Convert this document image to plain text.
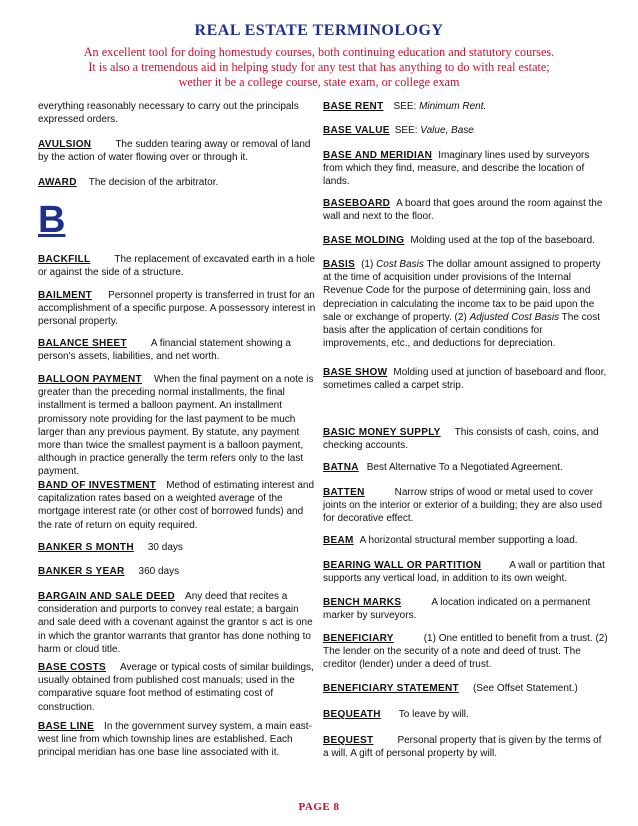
REAL ESTATE TERMINOLOGY
An excellent tool for doing homestudy courses, both continuing education and statutory courses.
It is also a tremendous aid in helping study for any test that has anything to do with real estate;
wether it be a college course, state exam, or college exam
everything reasonably necessary to carry out the principals expressed orders.
AVULSION The sudden tearing away or removal of land by the action of water flowing over or through it.
AWARD The decision of the arbitrator.
B
BACKFILL The replacement of excavated earth in a hole or against the side of a structure.
BAILMENT Personnel property is transferred in trust for an accomplishment of a specific purpose. A possessory interest in personal property.
BALANCE SHEET A financial statement showing a person's assets, liabilities, and net worth.
BALLOON PAYMENT When the final payment on a note is greater than the preceding normal installments, the final installment is termed a balloon payment. An installment promissory note providing for the last payment to be much larger than any previous payment. By statute, any payment more than twice the smallest payment is a balloon payment, although in practice generally the term refers only to the last payment.
BAND OF INVESTMENT Method of estimating interest and capitalization rates based on a weighted average of the mortgage interest rate (or other cost of borrowed funds) and the rate of return on equity required.
BANKER S MONTH 30 days
BANKER S YEAR 360 days
BARGAIN AND SALE DEED Any deed that recites a consideration and purports to convey real estate; a bargain and sale deed with a covenant against the grantor s act is one in which the grantor warrants that grantor has done nothing to harm or cloud title.
BASE COSTS Average or typical costs of similar buildings, usually obtained from published cost manuals; used in the comparative square foot method of estimating cost of construction.
BASE LINE In the government survey system, a main east-west line from which township lines are established. Each principal meridian has one base line associated with it.
BASE RENT SEE: Minimum Rent.
BASE VALUE SEE: Value, Base
BASE AND MERIDIAN Imaginary lines used by surveyors from which they find, measure, and describe the location of lands.
BASEBOARD A board that goes around the room against the wall and next to the floor.
BASE MOLDING Molding used at the top of the baseboard.
BASIS (1) Cost Basis The dollar amount assigned to property at the time of acquisition under provisions of the Internal Revenue Code for the purpose of determining gain, loss and depreciation in calculating the income tax to be paid upon the sale or exchange of property. (2) Adjusted Cost Basis The cost basis after the application of certain conditions for improvements, etc., and deductions for depreciation.
BASE SHOW Molding used at junction of baseboard and floor, sometimes called a carpet strip.
BASIC MONEY SUPPLY This consists of cash, coins, and checking accounts.
BATNA Best Alternative To a Negotiated Agreement.
BATTEN	Narrow strips of wood or metal used to cover joints on the interior or exterior of a building; they are also used for decorative effect.
BEAM A horizontal structural member supporting a load.
BEARING WALL OR PARTITION	A wall or partition that supports any vertical load, in addition to its own weight.
BENCH MARKS	A location indicated on a permanent marker by surveyors.
BENEFICIARY	(1) One entitled to benefit from a trust. (2) The lender on the security of a note and deed of trust. The creditor (lender) under a deed of trust.
BENEFICIARY STATEMENT (See Offset Statement.)
BEQUEATH To leave by will.
BEQUEST Personal property that is given by the terms of a will. A gift of personal property by will.
PAGE 8
